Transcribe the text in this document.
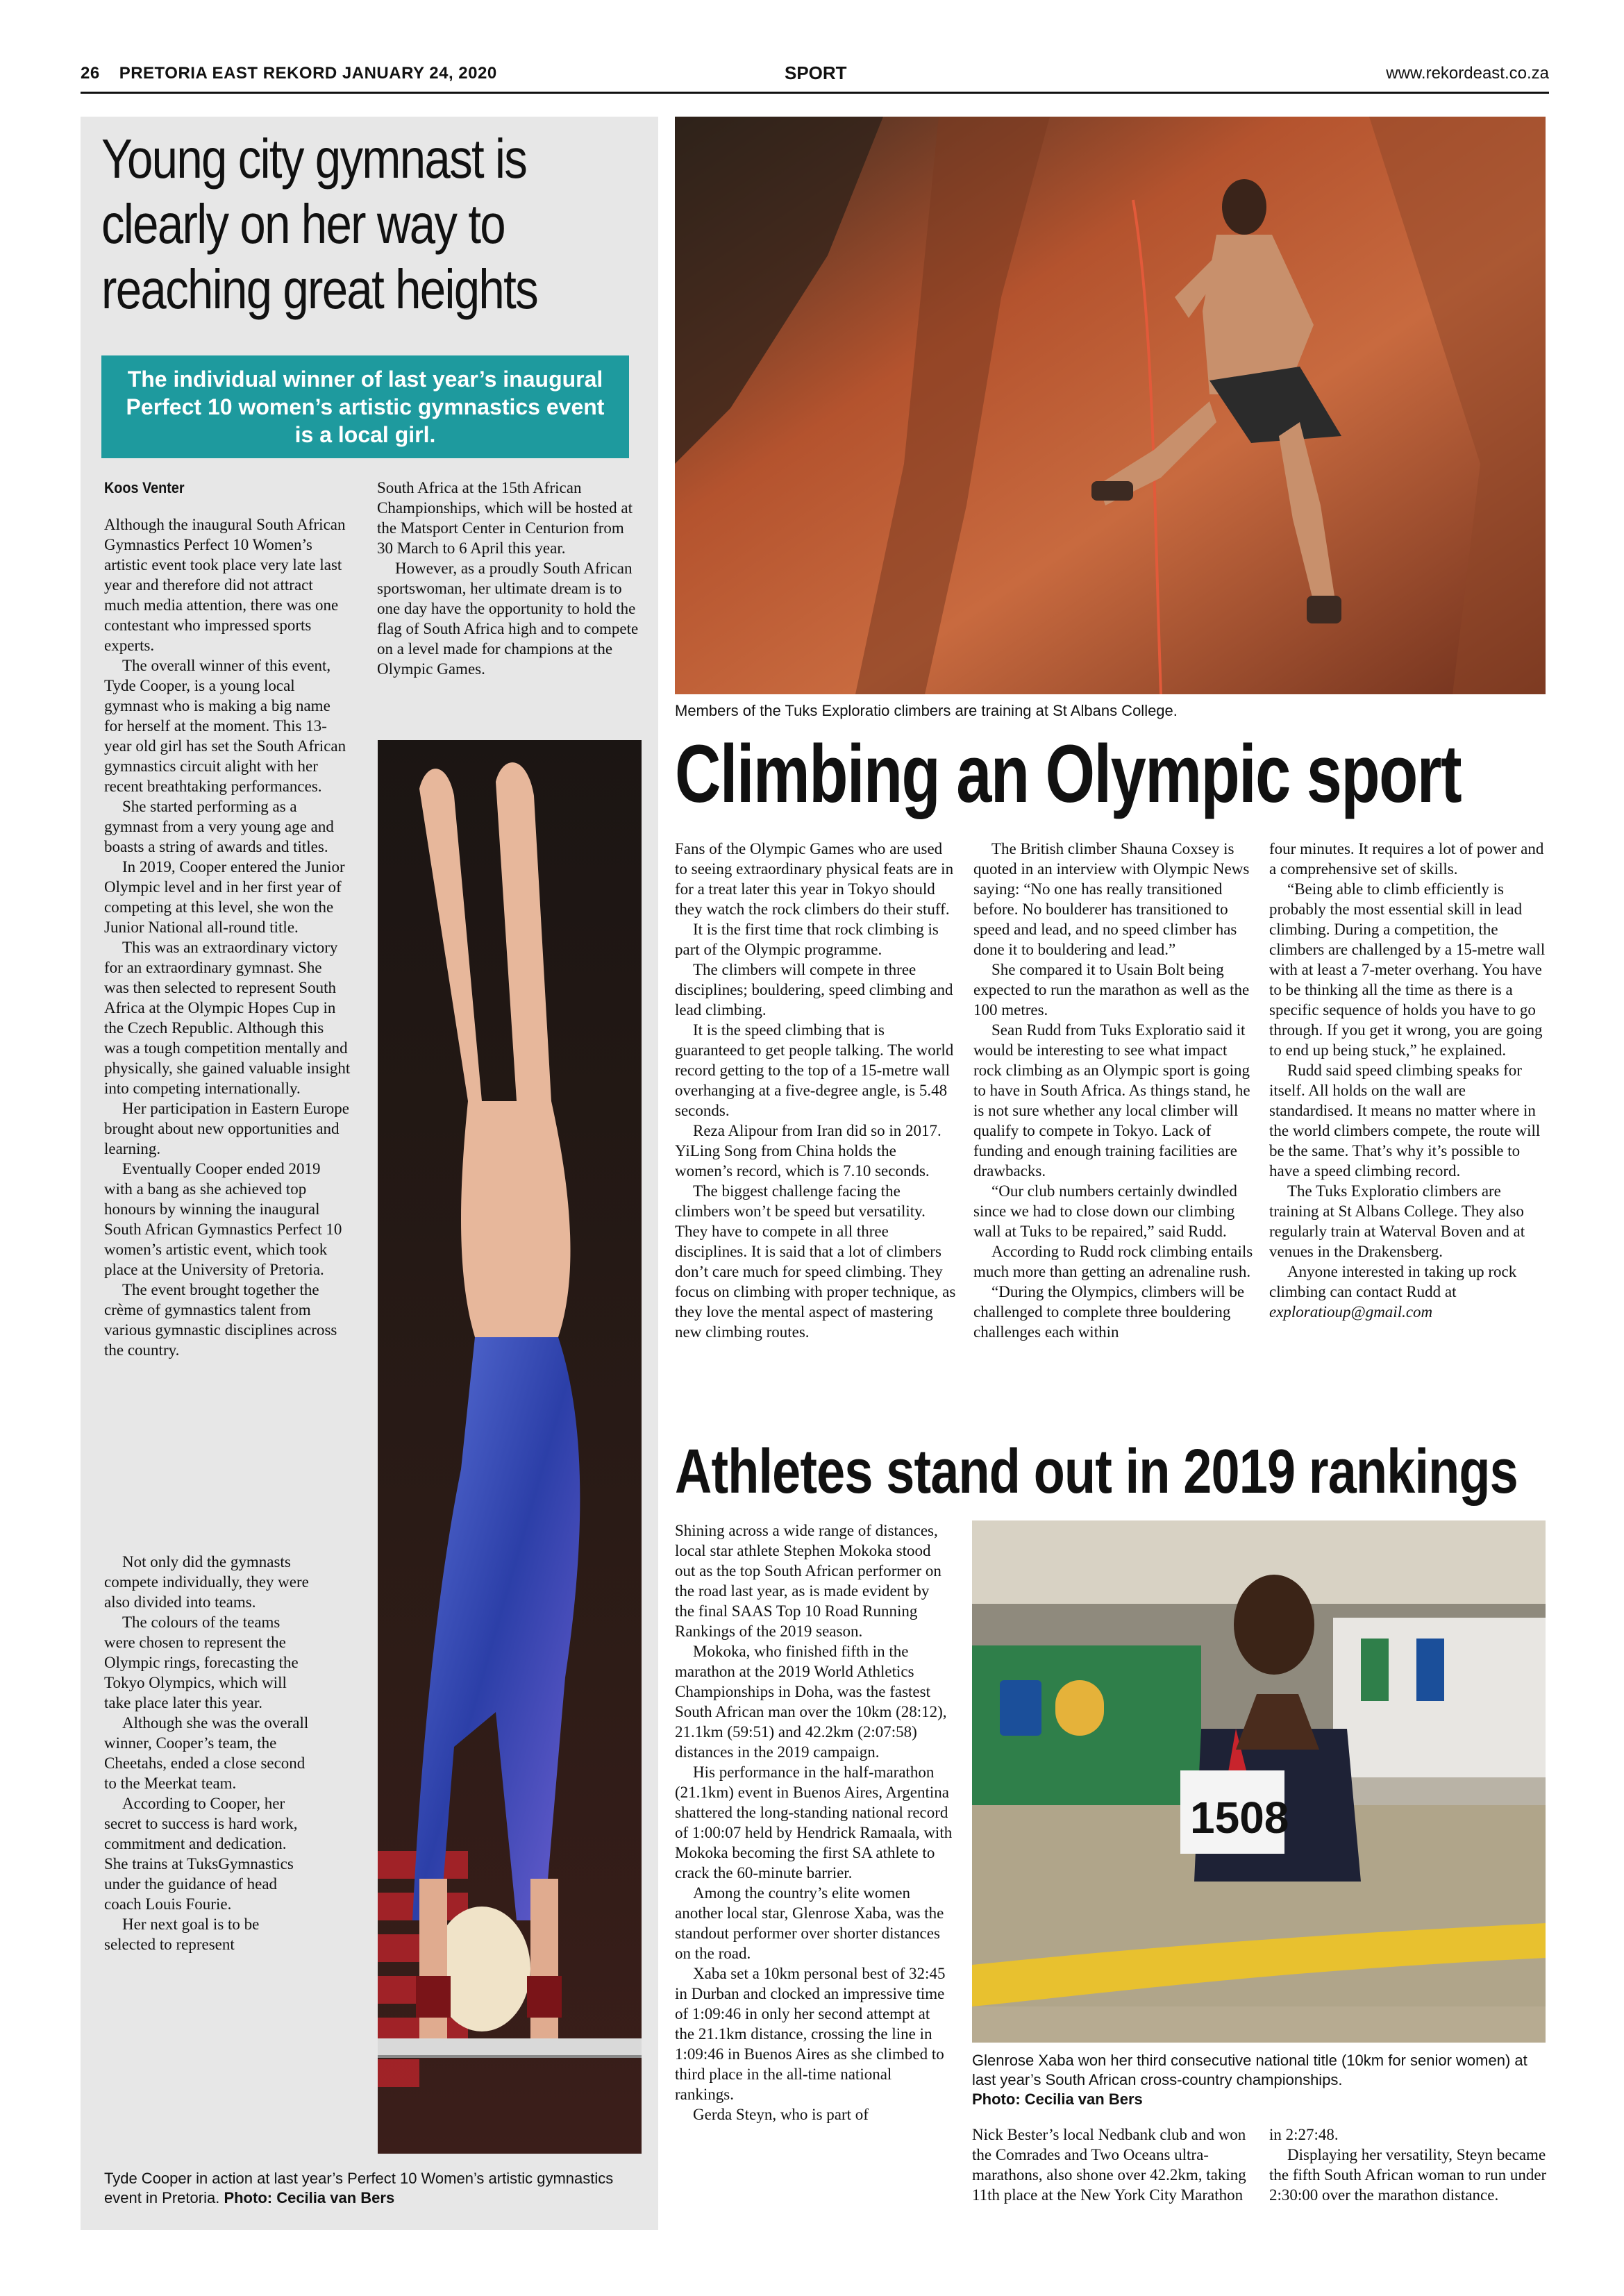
26 PRETORIA EAST REKORD JANUARY 24, 2020	SPORT	www.rekordeast.co.za
Young city gymnast is clearly on her way to reaching great heights
The individual winner of last year’s inaugural Perfect 10 women’s artistic gymnastics event is a local girl.
Koos Venter

Although the inaugural South African Gymnastics Perfect 10 Women’s artistic event took place very late last year and therefore did not attract much media attention, there was one contestant who impressed sports experts.

The overall winner of this event, Tyde Cooper, is a young local gymnast who is making a big name for herself at the moment. This 13-year old girl has set the South African gymnastics circuit alight with her recent breathtaking performances.

She started performing as a gymnast from a very young age and boasts a string of awards and titles.

In 2019, Cooper entered the Junior Olympic level and in her first year of competing at this level, she won the Junior National all-round title.

This was an extraordinary victory for an extraordinary gymnast. She was then selected to represent South Africa at the Olympic Hopes Cup in the Czech Republic. Although this was a tough competition mentally and physically, she gained valuable insight into competing internationally.

Her participation in Eastern Europe brought about new opportunities and learning.

Eventually Cooper ended 2019 with a bang as she achieved top honours by winning the inaugural South African Gymnastics Perfect 10 women’s artistic event, which took place at the University of Pretoria.

The event brought together the crème of gymnastics talent from various gymnastic disciplines across the country.

Not only did the gymnasts compete individually, they were also divided into teams.

The colours of the teams were chosen to represent the Olympic rings, forecasting the Tokyo Olympics, which will take place later this year.

Although she was the overall winner, Cooper’s team, the Cheetahs, ended a close second to the Meerkat team.

According to Cooper, her secret to success is hard work, commitment and dedication. She trains at TuksGymnastics under the guidance of head coach Louis Fourie.

Her next goal is to be selected to represent

South Africa at the 15th African Championships, which will be hosted at the Matsport Center in Centurion from 30 March to 6 April this year.

However, as a proudly South African sportswoman, her ultimate dream is to one day have the opportunity to hold the flag of South Africa high and to compete on a level made for champions at the Olympic Games.

Tyde Cooper in action at last year’s Perfect 10 Women’s artistic gymnastics event in Pretoria. Photo: Cecilia van Bers
Members of the Tuks Exploratio climbers are training at St Albans College.
Climbing an Olympic sport

Fans of the Olympic Games who are used to seeing extraordinary physical feats are in for a treat later this year in Tokyo should they watch the rock climbers do their stuff.

It is the first time that rock climbing is part of the Olympic programme.

The climbers will compete in three disciplines; bouldering, speed climbing and lead climbing.

It is the speed climbing that is guaranteed to get people talking. The world record getting to the top of a 15-metre wall overhanging at a five-degree angle, is 5.48 seconds.

Reza Alipour from Iran did so in 2017. YiLing Song from China holds the women’s record, which is 7.10 seconds.

The biggest challenge facing the climbers won’t be speed but versatility. They have to compete in all three disciplines. It is said that a lot of climbers don’t care much for speed climbing. They focus on climbing with proper technique, as they love the mental aspect of mastering new climbing routes.

The British climber Shauna Coxsey is quoted in an interview with Olympic News saying: “No one has really transitioned before. No boulderer has transitioned to speed and lead, and no speed climber has done it to bouldering and lead.”

She compared it to Usain Bolt being expected to run the marathon as well as the 100 metres.

Sean Rudd from Tuks Exploratio said it would be interesting to see what impact rock climbing as an Olympic sport is going to have in South Africa. As things stand, he is not sure whether any local climber will qualify to compete in Tokyo. Lack of funding and enough training facilities are drawbacks.

“Our club numbers certainly dwindled since we had to close down our climbing wall at Tuks to be repaired,” said Rudd.

According to Rudd rock climbing entails much more than getting an adrenaline rush.

“During the Olympics, climbers will be challenged to complete three bouldering challenges each within

four minutes. It requires a lot of power and a comprehensive set of skills.

“Being able to climb efficiently is probably the most essential skill in lead climbing. During a competition, the climbers are challenged by a 15-metre wall with at least a 7-meter overhang. You have to be thinking all the time as there is a specific sequence of holds you have to go through. If you get it wrong, you are going to end up being stuck,” he explained.

Rudd said speed climbing speaks for itself. All holds on the wall are standardised. It means no matter where in the world climbers compete, the route will be the same. That’s why it’s possible to have a speed climbing record.

The Tuks Exploratio climbers are training at St Albans College. They also regularly train at Waterval Boven and at venues in the Drakensberg.

Anyone interested in taking up rock climbing can contact Rudd at

exploratioup@gmail.com

Athletes stand out in 2019 rankings

Shining across a wide range of distances, local star athlete Stephen Mokoka stood out as the top South African performer on the road last year, as is made evident by the final SAAS Top 10 Road Running Rankings of the 2019 season.

Mokoka, who finished fifth in the marathon at the 2019 World Athletics Championships in Doha, was the fastest South African man over the 10km (28:12), 21.1km (59:51) and 42.2km (2:07:58) distances in the 2019 campaign.

His performance in the half-marathon (21.1km) event in Buenos Aires, Argentina shattered the long-standing national record of 1:00:07 held by Hendrick Ramaala, with Mokoka becoming the first SA athlete to crack the 60-minute barrier.

Among the country’s elite women another local star, Glenrose Xaba, was the standout performer over shorter distances on the road.

Xaba set a 10km personal best of 32:45 in Durban and clocked an impressive time of 1:09:46 in only her second attempt at the 21.1km distance, crossing the line in 1:09:46 in Buenos Aires as she climbed to third place in the all-time national rankings.

Gerda Steyn, who is part of

1508
Glenrose Xaba won her third consecutive national title (10km for senior women) at last year’s South African cross-country championships.
Photo: Cecilia van Bers

Nick Bester’s local Nedbank club and won the Comrades and Two Oceans ultra-marathons, also shone over 42.2km, taking 11th place at the New York City Marathon

in 2:27:48.

Displaying her versatility, Steyn became the fifth South African woman to run under 2:30:00 over the marathon distance.
